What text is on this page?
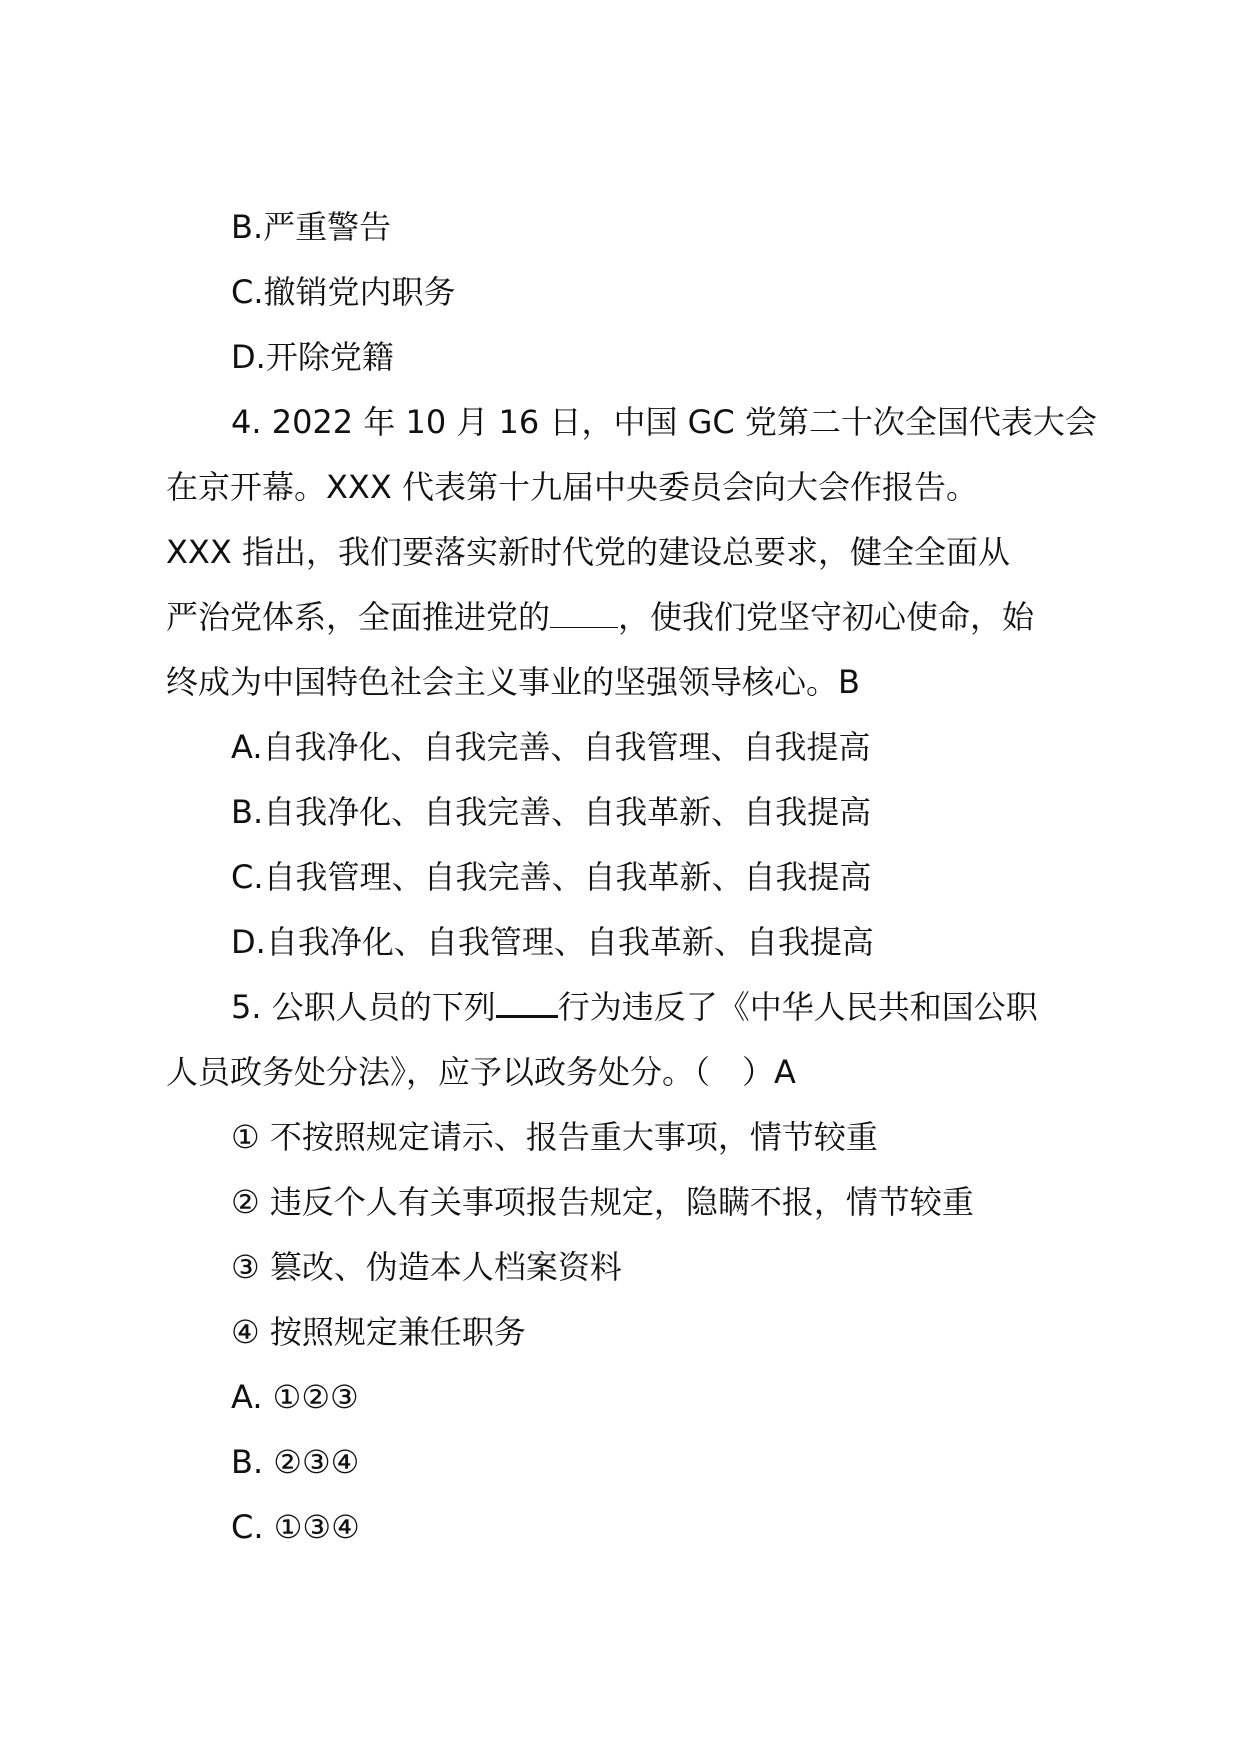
B.严重警告
C.撤销党内职务
D.开除党籍
4. 2022 年 10 月 16 日，中国 GC 党第二十次全国代表大会
在京开幕。XXX 代表第十九届中央委员会向大会作报告。
XXX 指出，我们要落实新时代党的建设总要求，健全全面从
严治党体系，全面推进党的 ，使我们党坚守初心使命，始
终成为中国特色社会主义事业的坚强领导核心。B
A.自我净化、自我完善、自我管理、自我提高
B.自我净化、自我完善、自我革新、自我提高
C.自我管理、自我完善、自我革新、自我提高
D.自我净化、自我管理、自我革新、自我提高
5. 公职人员的下列 行为违反了《中华人民共和国公职
人员政务处分法》，应予以政务处分。（　）A
① 不按照规定请示、报告重大事项，情节较重
② 违反个人有关事项报告规定，隐瞒不报，情节较重
③ 篡改、伪造本人档案资料
④ 按照规定兼任职务
A. ①②③
B. ②③④
C. ①③④
